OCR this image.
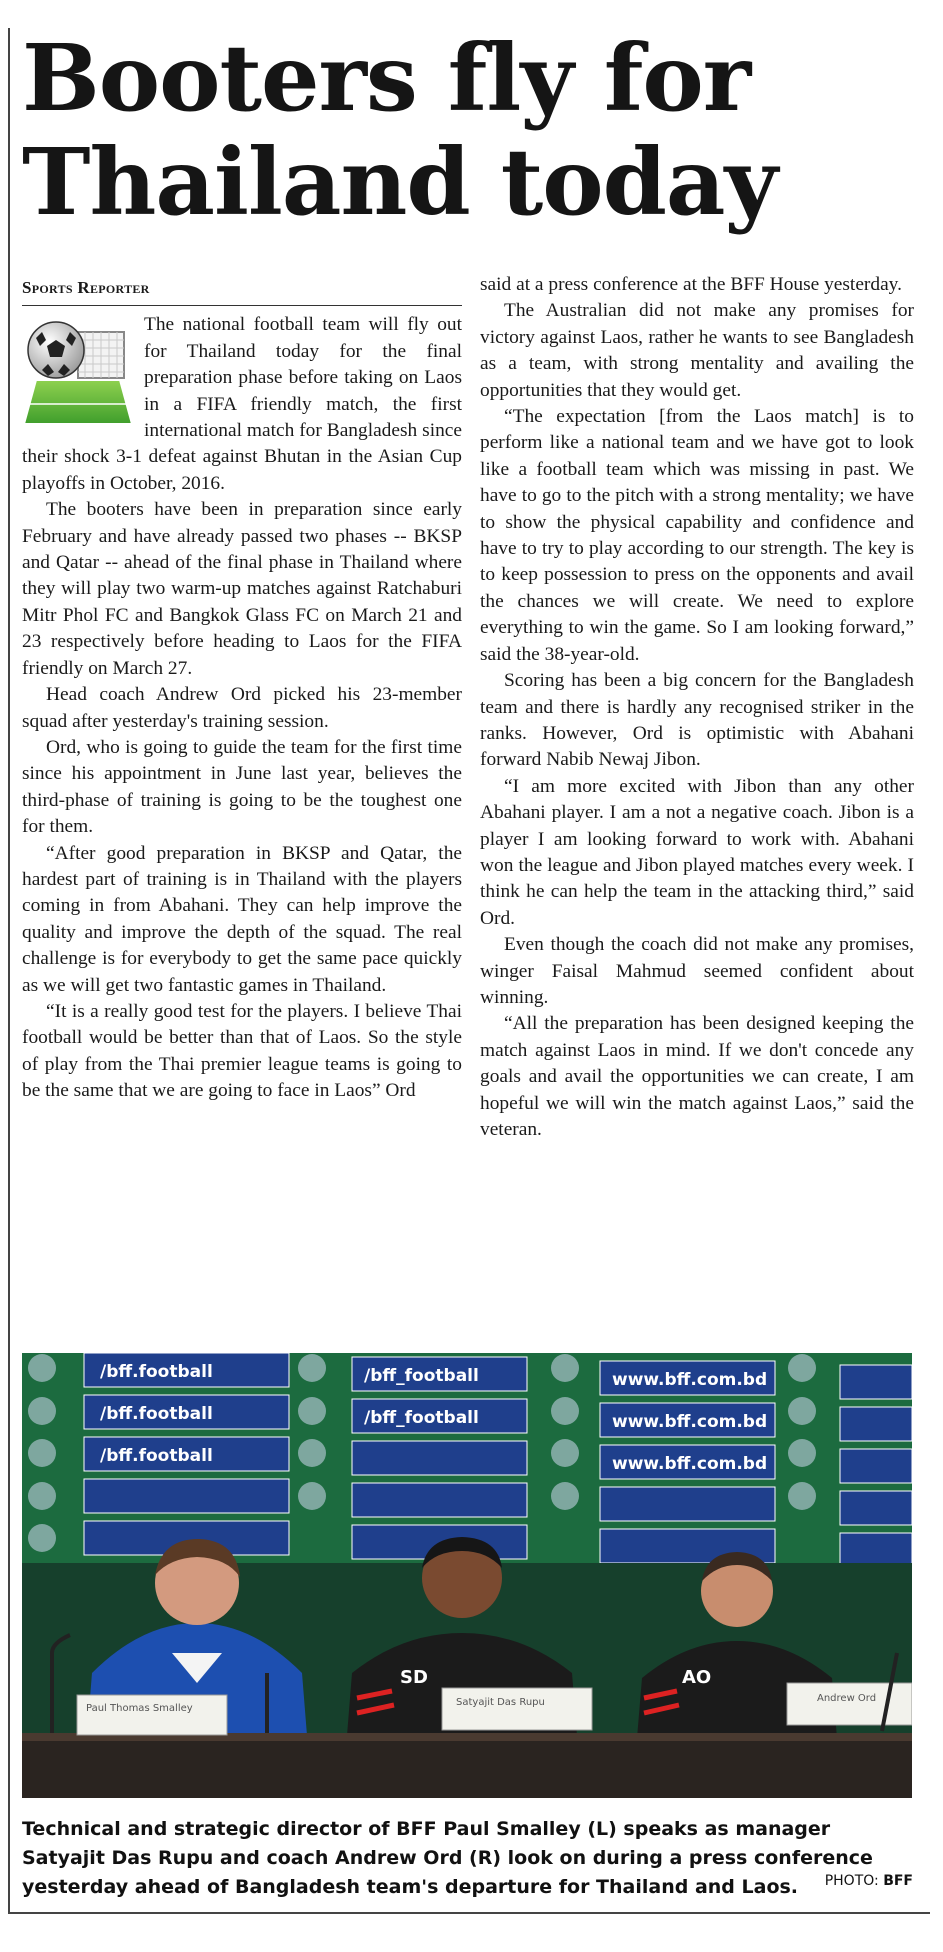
Booters fly for Thailand today
Sports Reporter

The national football team will fly out for Thailand today for the final preparation phase before taking on Laos in a FIFA friendly match, the first international match for Bangladesh since their shock 3-1 defeat against Bhutan in the Asian Cup playoffs in October, 2016.

The booters have been in preparation since early February and have already passed two phases -- BKSP and Qatar -- ahead of the final phase in Thailand where they will play two warm-up matches against Ratchaburi Mitr Phol FC and Bangkok Glass FC on March 21 and 23 respectively before heading to Laos for the FIFA friendly on March 27.

Head coach Andrew Ord picked his 23-member squad after yesterday's training session.

Ord, who is going to guide the team for the first time since his appointment in June last year, believes the third-phase of training is going to be the toughest one for them.

“After good preparation in BKSP and Qatar, the hardest part of training is in Thailand with the players coming in from Abahani. They can help improve the quality and improve the depth of the squad. The real challenge is for everybody to get the same pace quickly as we will get two fantastic games in Thailand.

“It is a really good test for the players. I believe Thai football would be better than that of Laos. So the style of play from the Thai premier league teams is going to be the same that we are going to face in Laos” Ord

said at a press conference at the BFF House yesterday.

The Australian did not make any promises for victory against Laos, rather he wants to see Bangladesh as a team, with strong mentality and availing the opportunities that they would get.

“The expectation [from the Laos match] is to perform like a national team and we have got to look like a football team which was missing in past. We have to go to the pitch with a strong mentality; we have to show the physical capability and confidence and have to try to play according to our strength. The key is to keep possession to press on the opponents and avail the chances we will create. We need to explore everything to win the game. So I am looking forward,” said the 38-year-old.

Scoring has been a big concern for the Bangladesh team and there is hardly any recognised striker in the ranks. However, Ord is optimistic with Abahani forward Nabib Newaj Jibon.

“I am more excited with Jibon than any other Abahani player. I am a not a negative coach. Jibon is a player I am looking forward to work with. Abahani won the league and Jibon played matches every week. I think he can help the team in the attacking third,” said Ord.

Even though the coach did not make any promises, winger Faisal Mahmud seemed confident about winning.

“All the preparation has been designed keeping the match against Laos in mind. If we don't concede any goals and avail the opportunities we can create, I am hopeful we will win the match against Laos,” said the veteran.

/bff.football
/bff.football
/bff.football
/bff_football
/bff_football
www.bff.com.bd
www.bff.com.bd
www.bff.com.bd
SD	AO
Paul Thomas Smalley
Satyajit Das Rupu	Andrew Ord
Technical and strategic director of BFF Paul Smalley (L) speaks as manager Satyajit Das Rupu and coach Andrew Ord (R) look on during a press conference yesterday ahead of Bangladesh team's departure for Thailand and Laos.	PHOTO: BFF
